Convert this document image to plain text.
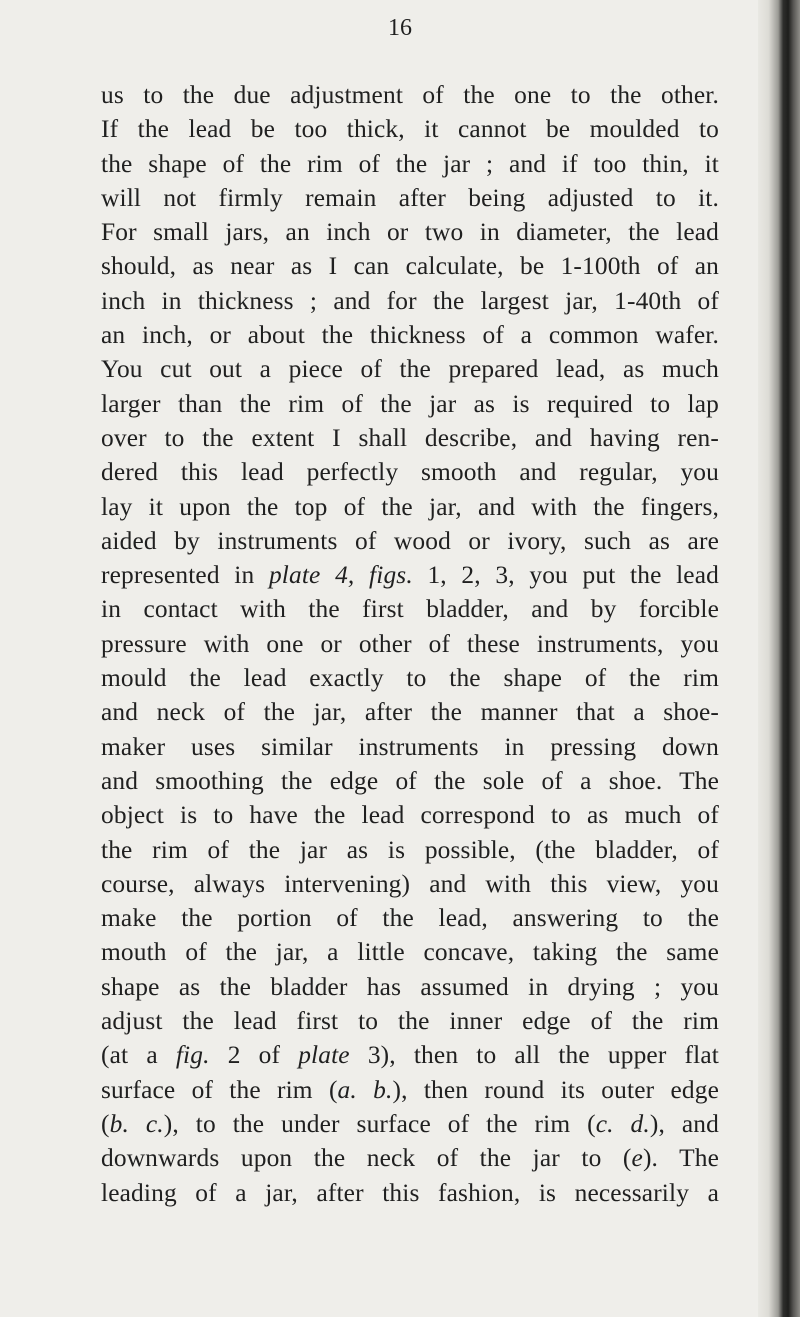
16

us to the due adjustment of the one to the other.
If the lead be too thick, it cannot be moulded to
the shape of the rim of the jar ; and if too thin, it
will not firmly remain after being adjusted to it.
For small jars, an inch or two in diameter, the lead
should, as near as I can calculate, be 1-100th of an
inch in thickness ; and for the largest jar, 1-40th of
an inch, or about the thickness of a common wafer.
You cut out a piece of the prepared lead, as much
larger than the rim of the jar as is required to lap
over to the extent I shall describe, and having ren-
dered this lead perfectly smooth and regular, you
lay it upon the top of the jar, and with the fingers,
aided by instruments of wood or ivory, such as are
represented in plate 4, figs. 1, 2, 3, you put the lead
in contact with the first bladder, and by forcible
pressure with one or other of these instruments, you
mould the lead exactly to the shape of the rim
and neck of the jar, after the manner that a shoe-
maker uses similar instruments in pressing down
and smoothing the edge of the sole of a shoe. The
object is to have the lead correspond to as much of
the rim of the jar as is possible, (the bladder, of
course, always intervening) and with this view, you
make the portion of the lead, answering to the
mouth of the jar, a little concave, taking the same
shape as the bladder has assumed in drying ; you
adjust the lead first to the inner edge of the rim
(at a fig. 2 of plate 3), then to all the upper flat
surface of the rim (a. b.), then round its outer edge
(b. c.), to the under surface of the rim (c. d.), and
downwards upon the neck of the jar to (e). The
leading of a jar, after this fashion, is necessarily a
